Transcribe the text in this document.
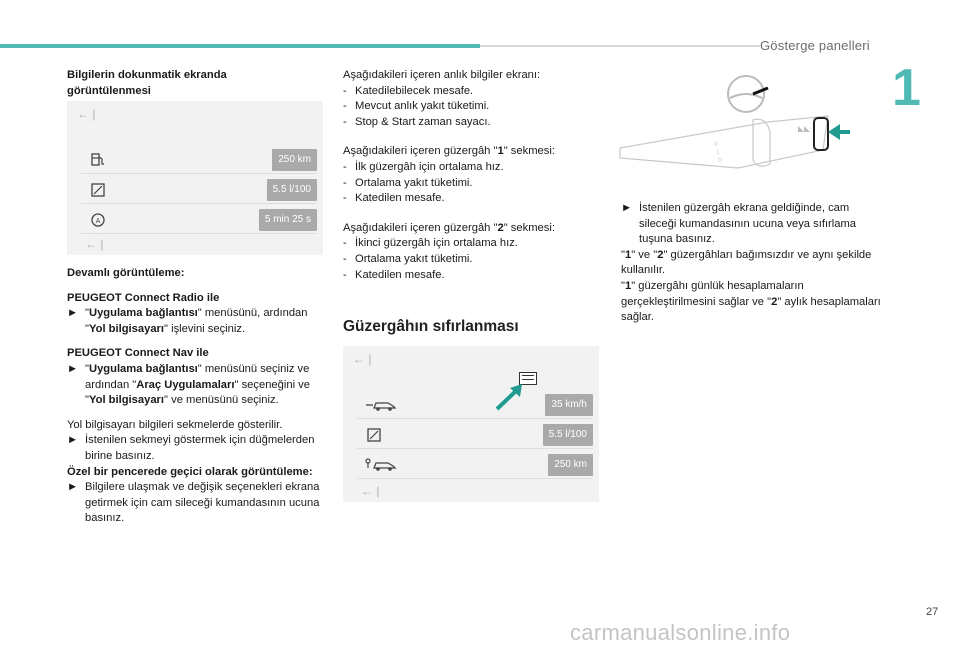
Gösterge panelleri
1
Bilgilerin dokunmatik ekranda görüntülenmesi
← |
250 km
5.5 l/100
A	5 min 25 s
← |

Devamlı görüntüleme:

PEUGEOT Connect Radio ile

► "Uygulama bağlantısı" menüsünü, ardından "Yol bilgisayarı" işlevini seçiniz.

PEUGEOT Connect Nav ile

► "Uygulama bağlantısı" menüsünü seçiniz ve ardından "Araç Uygulamaları" seçeneğini ve "Yol bilgisayarı" ve menüsünü seçiniz.

Yol bilgisayarı bilgileri sekmelerde gösterilir.

► İstenilen sekmeyi göstermek için düğmelerden birine basınız.
Özel bir pencerede geçici olarak görüntüleme:
► Bilgilere ulaşmak ve değişik seçenekleri ekrana getirmek için cam sileceği kumandasının ucuna basınız.

Aşağıdakileri içeren anlık bilgiler ekranı:

- Katedilebilecek mesafe.
- Mevcut anlık yakıt tüketimi.
- Stop & Start zaman sayacı.

Aşağıdakileri içeren güzergâh "1" sekmesi:

- İlk güzergâh için ortalama hız.
- Ortalama yakıt tüketimi.
- Katedilen mesafe.

Aşağıdakileri içeren güzergâh "2" sekmesi:

- İkinci güzergâh için ortalama hız.
- Ortalama yakıt tüketimi.
- Katedilen mesafe.

Güzergâhın sıfırlanması
← |
35 km/h
5.5 l/100
250 km
← |
0
1
0
► İstenilen güzergâh ekrana geldiğinde, cam sileceği kumandasının ucuna veya sıfırlama tuşuna basınız.
"1" ve "2" güzergâhları bağımsızdır ve aynı şekilde kullanılır.
"1" güzergâhı günlük hesaplamaların gerçekleştirilmesini sağlar ve "2" aylık hesaplamaları sağlar.
27
carmanualsonline.info
